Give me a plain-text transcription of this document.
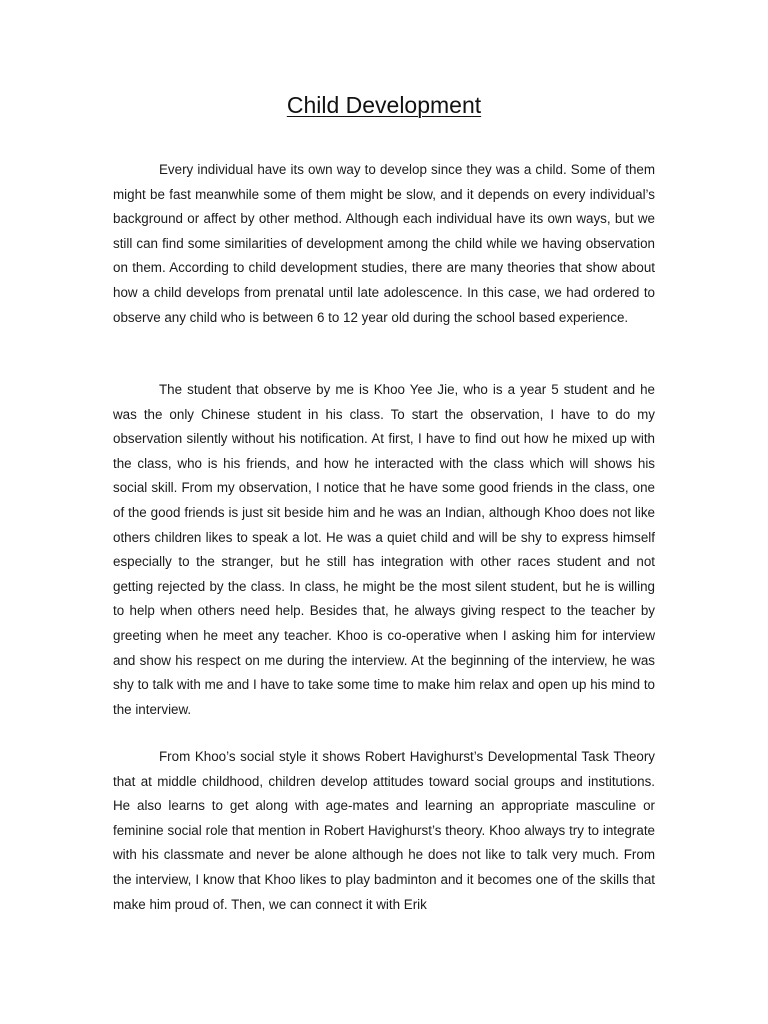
Child Development

Every individual have its own way to develop since they was a child. Some of them might be fast meanwhile some of them might be slow, and it depends on every individual’s background or affect by other method. Although each individual have its own ways, but we still can find some similarities of development among the child while we having observation on them. According to child development studies, there are many theories that show about how a child develops from prenatal until late adolescence. In this case, we had ordered to observe any child who is between 6 to 12 year old during the school based experience.

The student that observe by me is Khoo Yee Jie, who is a year 5 student and he was the only Chinese student in his class. To start the observation, I have to do my observation silently without his notification. At first, I have to find out how he mixed up with the class, who is his friends, and how he interacted with the class which will shows his social skill. From my observation, I notice that he have some good friends in the class, one of the good friends is just sit beside him and he was an Indian, although Khoo does not like others children likes to speak a lot. He was a quiet child and will be shy to express himself especially to the stranger, but he still has integration with other races student and not getting rejected by the class. In class, he might be the most silent student, but he is willing to help when others need help. Besides that, he always giving respect to the teacher by greeting when he meet any teacher. Khoo is co-operative when I asking him for interview and show his respect on me during the interview. At the beginning of the interview, he was shy to talk with me and I have to take some time to make him relax and open up his mind to the interview.

From Khoo’s social style it shows Robert Havighurst’s Developmental Task Theory that at middle childhood, children develop attitudes toward social groups and institutions. He also learns to get along with age-mates and learning an appropriate masculine or feminine social role that mention in Robert Havighurst’s theory. Khoo always try to integrate with his classmate and never be alone although he does not like to talk very much. From the interview, I know that Khoo likes to play badminton and it becomes one of the skills that make him proud of. Then, we can connect it with Erik
